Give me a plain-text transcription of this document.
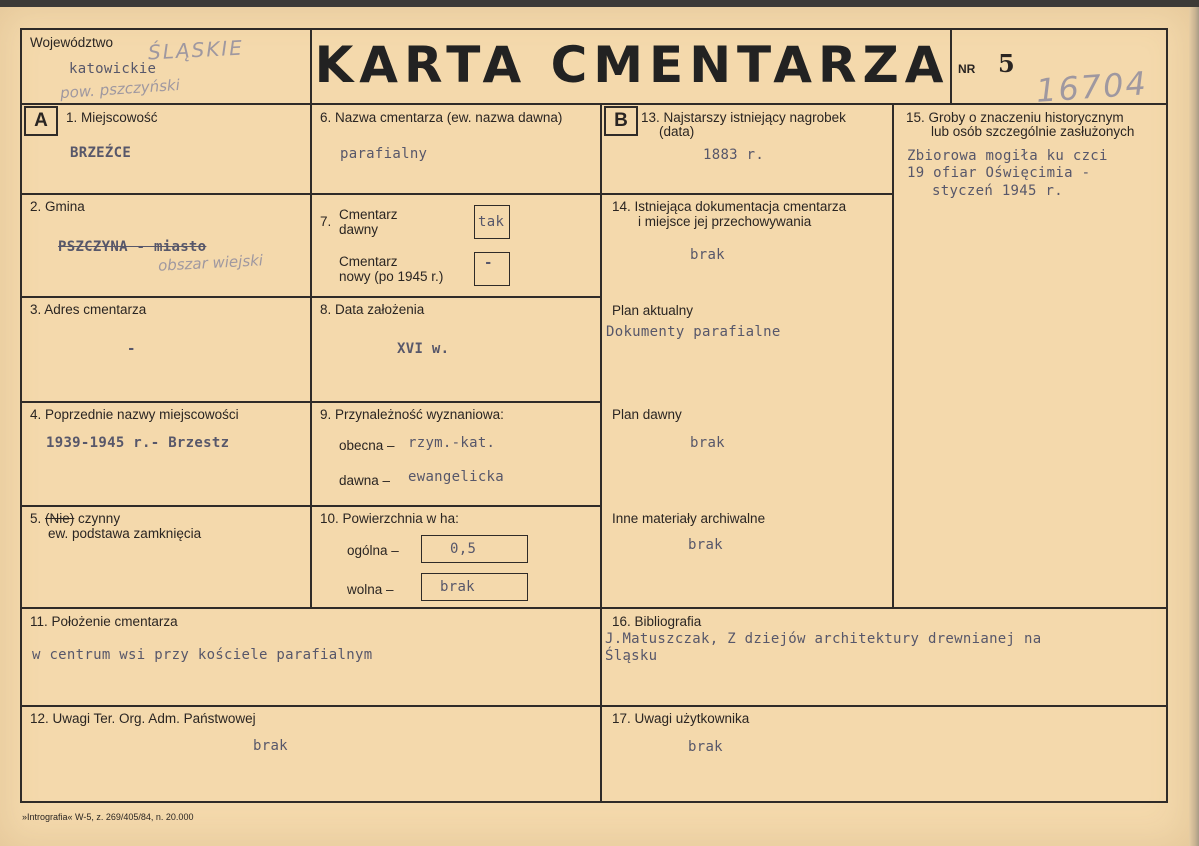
Województwo ŚLĄSKIE
katowickie
pow. pszczyński	KARTA CMENTARZA NR 5
16704
A	B
1. Miejscowość
BRZEŹCE
2. Gmina
PSZCZYNA - miasto
obszar wiejski
3. Adres cmentarza
-
4. Poprzednie nazwy miejscowości
1939-1945 r.- Brzestz
5. (Nie) czynny
ew. podstawa zamknięcia
6. Nazwa cmentarza (ew. nazwa dawna)
parafialny
7. Cmentarz
dawny	tak
Cmentarz
nowy (po 1945 r.)
-
8. Data założenia
XVI w.
9. Przynależność wyznaniowa:
obecna – rzym.-kat.
dawna – ewangelicka
10. Powierzchnia w ha:
ogólna –	0,5
wolna –	brak
13. Najstarszy istniejący nagrobek
(data)
1883 r.
14. Istniejąca dokumentacja cmentarza
i miejsce jej przechowywania
brak
Plan aktualny
Dokumenty parafialne
Plan dawny
brak
Inne materiały archiwalne
brak
15. Groby o znaczeniu historycznym
lub osób szczególnie zasłużonych
Zbiorowa mogiła ku czci
19 ofiar Oświęcimia -
styczeń 1945 r.
11. Położenie cmentarza
w centrum wsi przy kościele parafialnym
16. Bibliografia
J.Matuszczak, Z dziejów architektury drewnianej na
Śląsku
12. Uwagi Ter. Org. Adm. Państwowej
brak
17. Uwagi użytkownika
brak
»Intrografia« W-5, z. 269/405/84, n. 20.000
